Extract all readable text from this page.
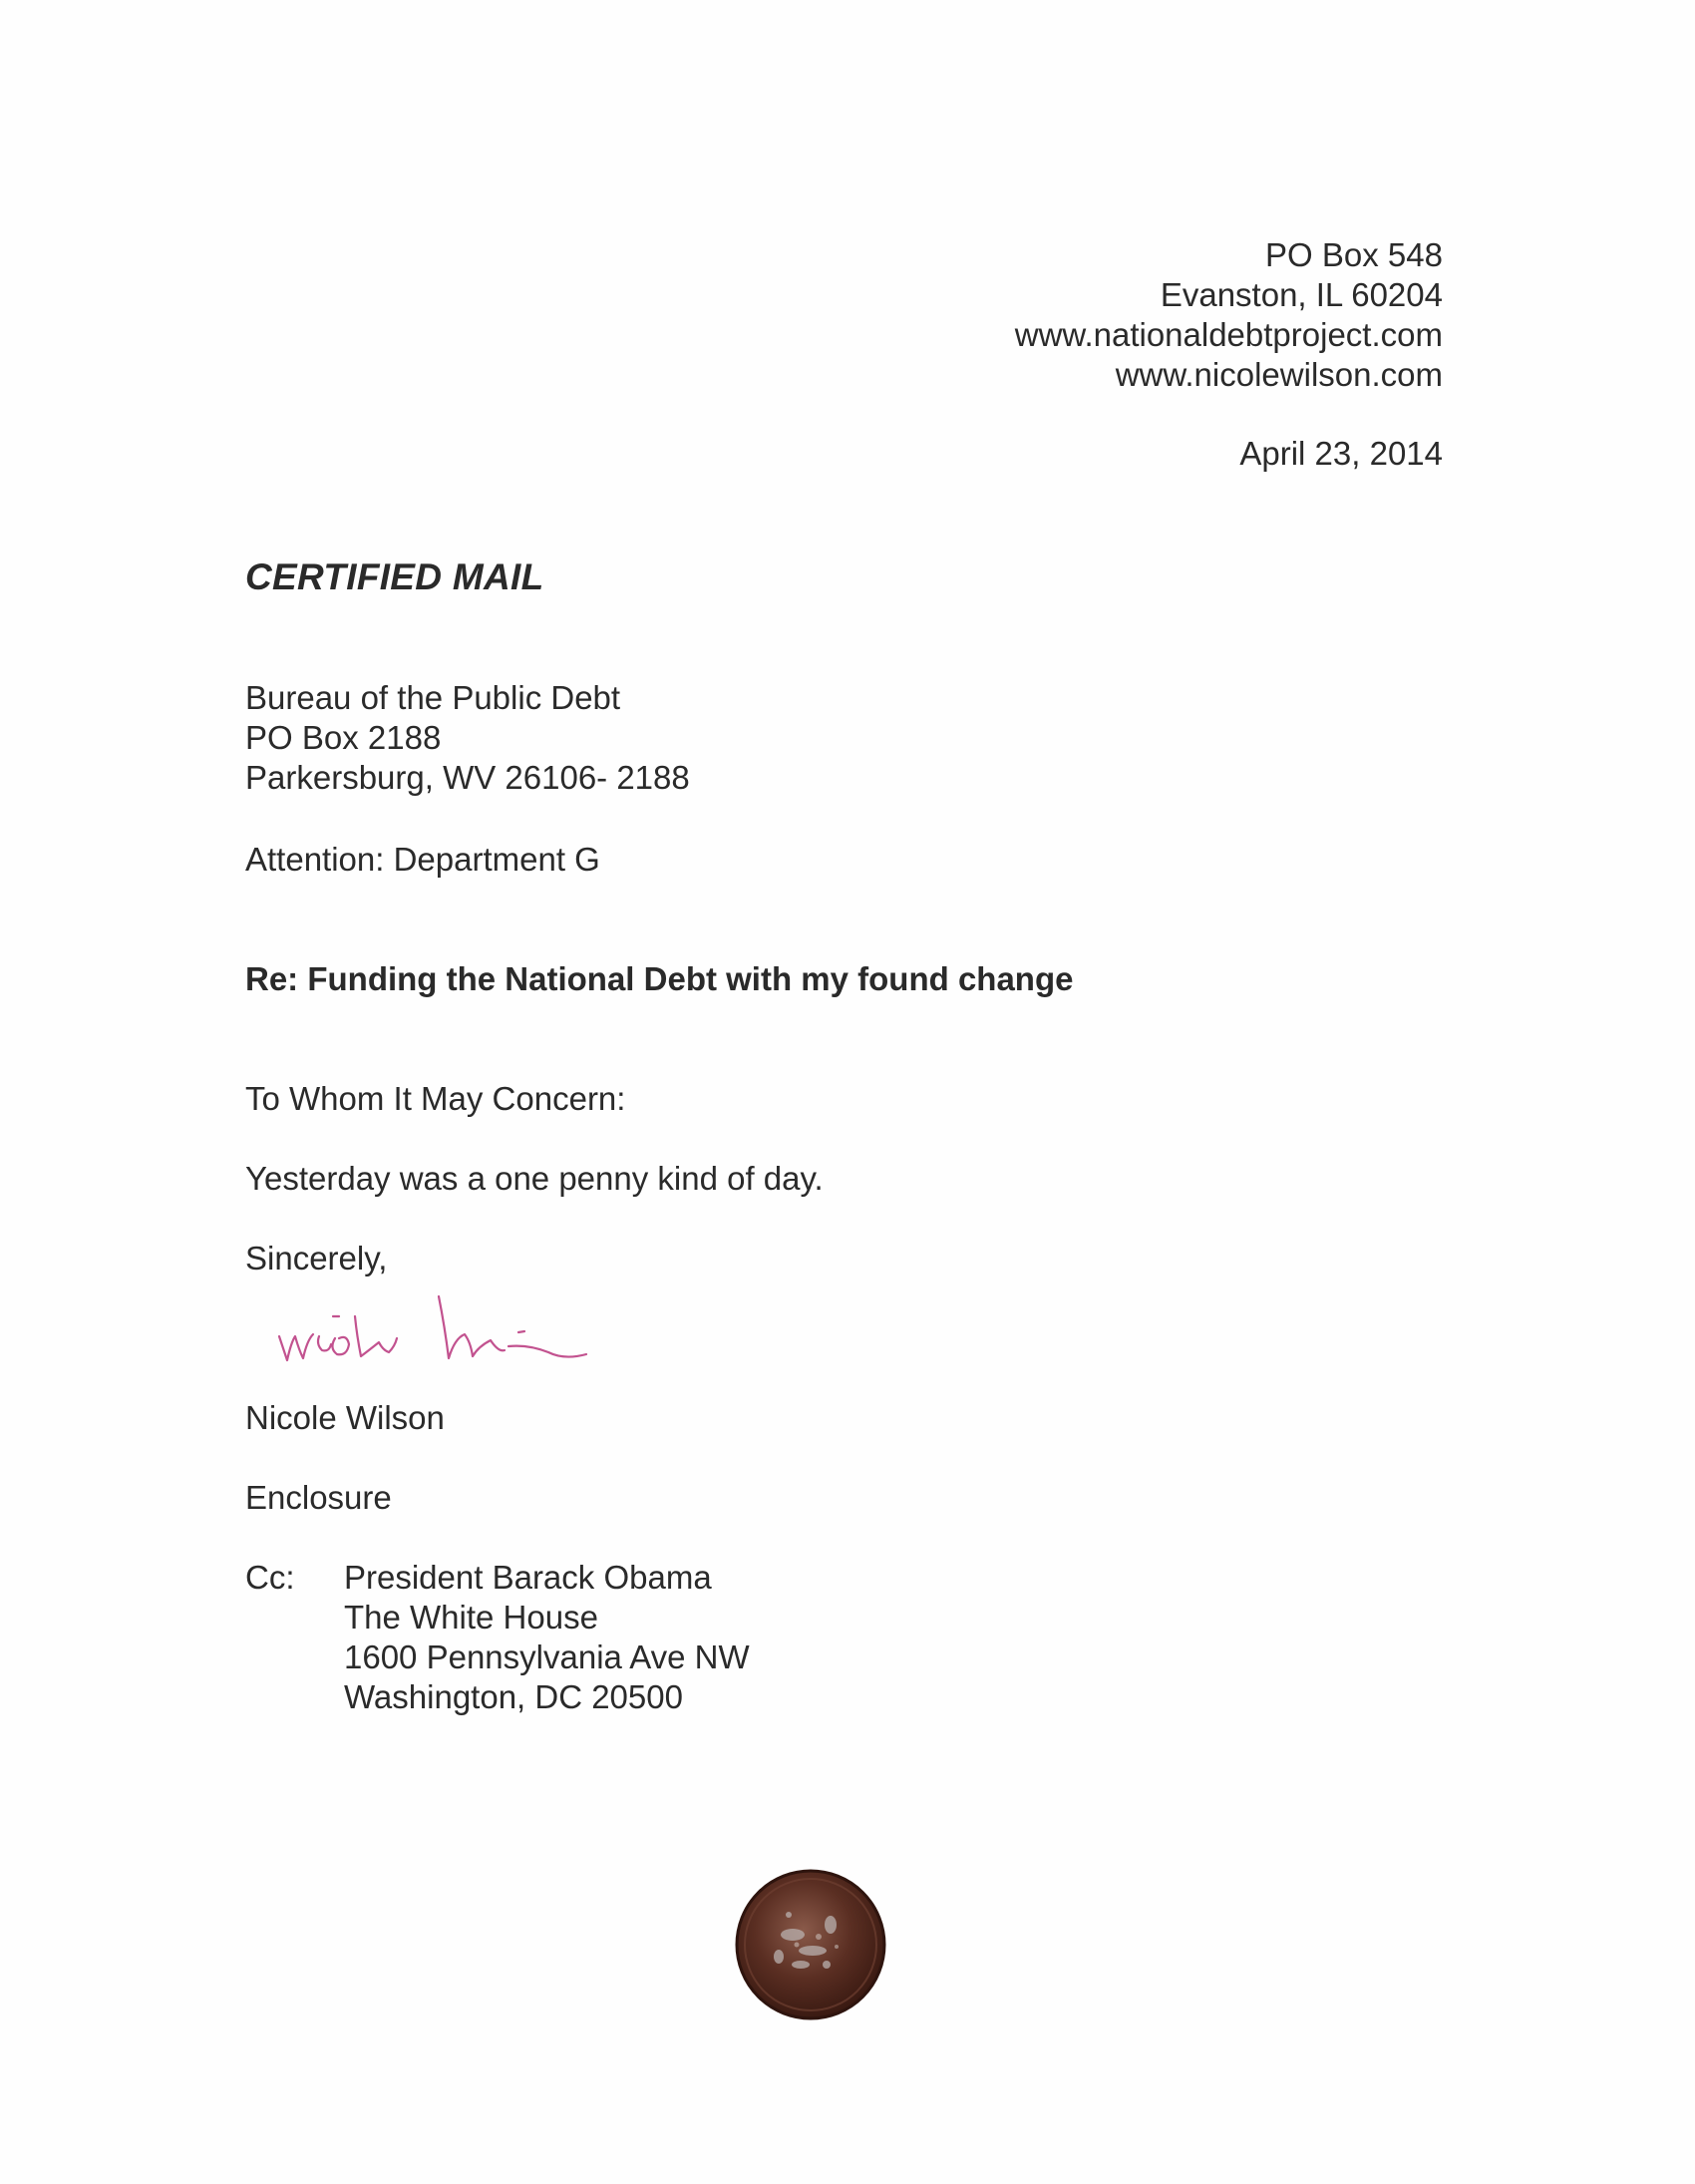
PO Box 548
Evanston, IL 60204
www.nationaldebtproject.com
www.nicolewilson.com
April 23, 2014
CERTIFIED MAIL
Bureau of the Public Debt
PO Box 2188
Parkersburg, WV 26106- 2188
Attention: Department G
Re: Funding the National Debt with my found change
To Whom It May Concern:
Yesterday was a one penny kind of day.
Sincerely,
Nicole Wilson
Enclosure
Cc: President Barack Obama
The White House
1600 Pennsylvania Ave NW
Washington, DC 20500
